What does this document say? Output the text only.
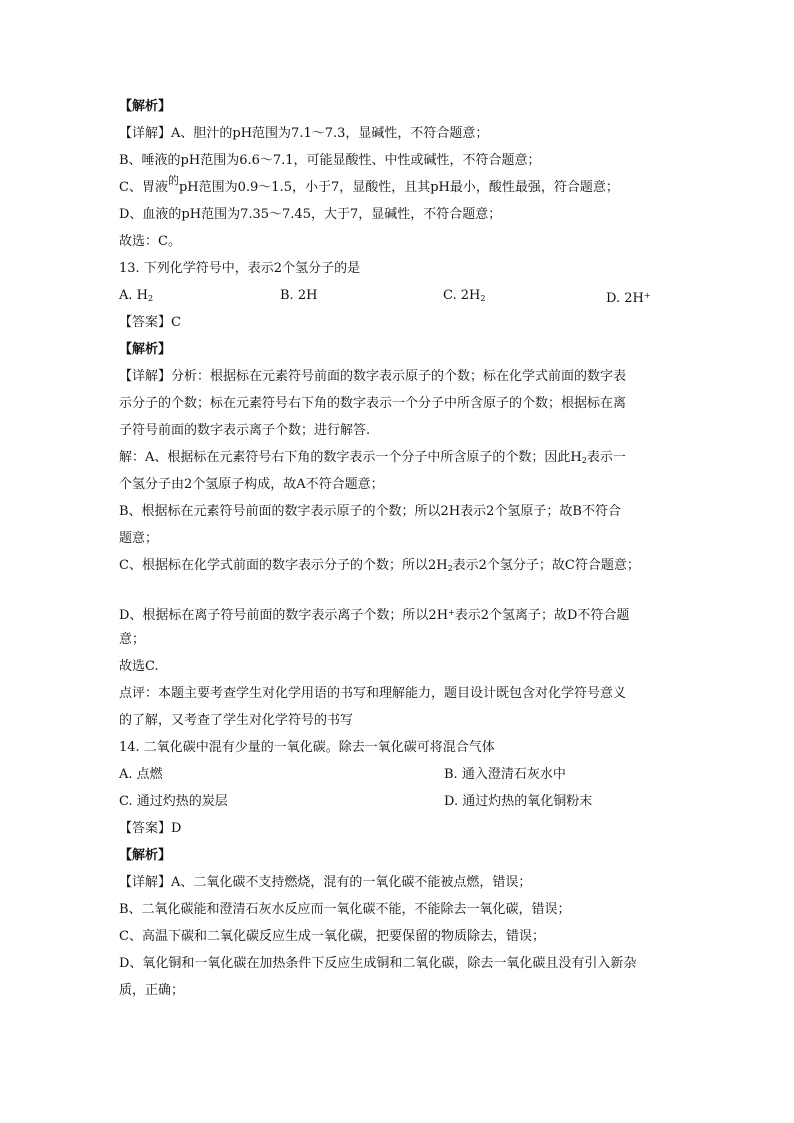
【解析】
【详解】A、胆汁的pH范围为7.1～7.3，显碱性，不符合题意；
B、唾液的pH范围为6.6～7.1，可能显酸性、中性或碱性，不符合题意；
C、胃液$^的$pH范围为0.9～1.5，小于7，显酸性，且其pH最小，酸性最强，符合题意；
D、血液的pH范围为7.35～7.45，大于7，显碱性，不符合题意；
故选：C。
13. 下列化学符号中，表示2个氢分子的是
A. $H_2$	B. 2H	C. $2H_2$	D. 2H+
【答案】C
【解析】
【详解】分析：根据标在元素符号前面的数字表示原子的个数；标在化学式前面的数字表
示分子的个数；标在元素符号右下角的数字表示一个分子中所含原子的个数；根据标在离
子符号前面的数字表示离子个数；进行解答.
解：A、根据标在元素符号右下角的数字表示一个分子中所含原子的个数；因此$H_2$表示一
个氢分子由2个氢原子构成，故A不符合题意；
B、根据标在元素符号前面的数字表示原子的个数；所以2H表示2个氢原子；故B不符合
题意；
C、根据标在化学式前面的数字表示分子的个数；所以$2H_2$表示2个氢分子；故C符合题意；
D、根据标在离子符号前面的数字表示离子个数；所以2H+表示2个氢离子；故D不符合题
意；
故选C.
点评：本题主要考查学生对化学用语的书写和理解能力，题目设计既包含对化学符号意义
的了解，又考查了学生对化学符号的书写
14. 二氧化碳中混有少量的一氧化碳。除去一氧化碳可将混合气体
A. 点燃	B. 通入澄清石灰水中
C. 通过灼热的炭层	D. 通过灼热的氧化铜粉末
【答案】D
【解析】
【详解】A、二氧化碳不支持燃烧，混有的一氧化碳不能被点燃，错误；
B、二氧化碳能和澄清石灰水反应而一氧化碳不能，不能除去一氧化碳，错误；
C、高温下碳和二氧化碳反应生成一氧化碳，把要保留的物质除去，错误；
D、氧化铜和一氧化碳在加热条件下反应生成铜和二氧化碳，除去一氧化碳且没有引入新杂
质，正确；
